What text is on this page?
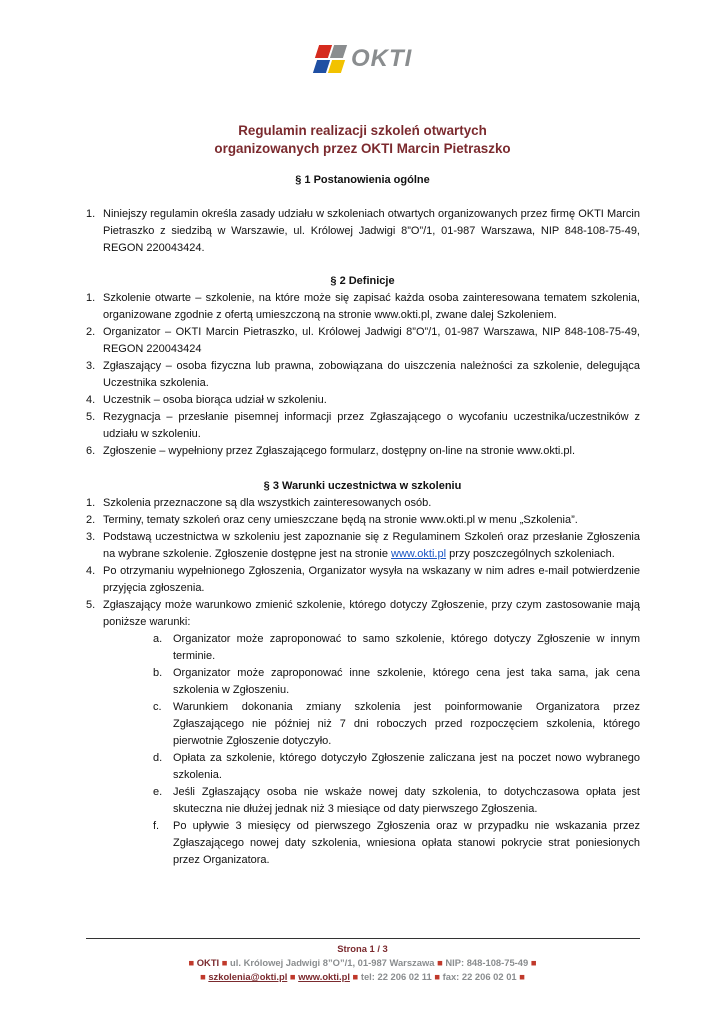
OKTI
Regulamin realizacji szkoleń otwartych
organizowanych przez OKTI Marcin Pietraszko
§ 1 Postanowienia ogólne
1. Niniejszy regulamin określa zasady udziału w szkoleniach otwartych organizowanych przez firmę OKTI Marcin Pietraszko z siedzibą w Warszawie, ul. Królowej Jadwigi 8”O”/1, 01-987 Warszawa, NIP 848-108-75-49, REGON 220043424.
§ 2 Definicje
1. Szkolenie otwarte – szkolenie, na które może się zapisać każda osoba zainteresowana tematem szkolenia, organizowane zgodnie z ofertą umieszczoną na stronie www.okti.pl, zwane dalej Szkoleniem.
2. Organizator – OKTI Marcin Pietraszko, ul. Królowej Jadwigi 8”O”/1, 01-987 Warszawa, NIP 848-108-75-49, REGON 220043424
3. Zgłaszający – osoba fizyczna lub prawna, zobowiązana do uiszczenia należności za szkolenie, delegująca Uczestnika szkolenia.
4. Uczestnik – osoba biorąca udział w szkoleniu.
5. Rezygnacja – przesłanie pisemnej informacji przez Zgłaszającego o wycofaniu uczestnika/uczestników z udziału w szkoleniu.
6. Zgłoszenie – wypełniony przez Zgłaszającego formularz, dostępny on-line na stronie www.okti.pl.
§ 3 Warunki uczestnictwa w szkoleniu
1. Szkolenia przeznaczone są dla wszystkich zainteresowanych osób.
2. Terminy, tematy szkoleń oraz ceny umieszczane będą na stronie www.okti.pl w menu „Szkolenia”.
3. Podstawą uczestnictwa w szkoleniu jest zapoznanie się z Regulaminem Szkoleń oraz przesłanie Zgłoszenia na wybrane szkolenie. Zgłoszenie dostępne jest na stronie www.okti.pl przy poszczególnych szkoleniach.
4. Po otrzymaniu wypełnionego Zgłoszenia, Organizator wysyła na wskazany w nim adres e-mail potwierdzenie przyjęcia zgłoszenia.
5. Zgłaszający może warunkowo zmienić szkolenie, którego dotyczy Zgłoszenie, przy czym zastosowanie mają poniższe warunki:
a. Organizator może zaproponować to samo szkolenie, którego dotyczy Zgłoszenie w innym terminie.
b. Organizator może zaproponować inne szkolenie, którego cena jest taka sama, jak cena szkolenia w Zgłoszeniu.
c. Warunkiem dokonania zmiany szkolenia jest poinformowanie Organizatora przez Zgłaszającego nie później niż 7 dni roboczych przed rozpoczęciem szkolenia, którego pierwotnie Zgłoszenie dotyczyło.
d. Opłata za szkolenie, którego dotyczyło Zgłoszenie zaliczana jest na poczet nowo wybranego szkolenia.
e. Jeśli Zgłaszający osoba nie wskaże nowej daty szkolenia, to dotychczasowa opłata jest skuteczna nie dłużej jednak niż 3 miesiące od daty pierwszego Zgłoszenia.
f. Po upływie 3 miesięcy od pierwszego Zgłoszenia oraz w przypadku nie wskazania przez Zgłaszającego nowej daty szkolenia, wniesiona opłata stanowi pokrycie strat poniesionych przez Organizatora.
Strona 1 / 3
■ OKTI ■ ul. Królowej Jadwigi 8”O”/1, 01-987 Warszawa ■ NIP: 848-108-75-49 ■
■ szkolenia@okti.pl ■ www.okti.pl ■ tel: 22 206 02 11 ■ fax: 22 206 02 01 ■
